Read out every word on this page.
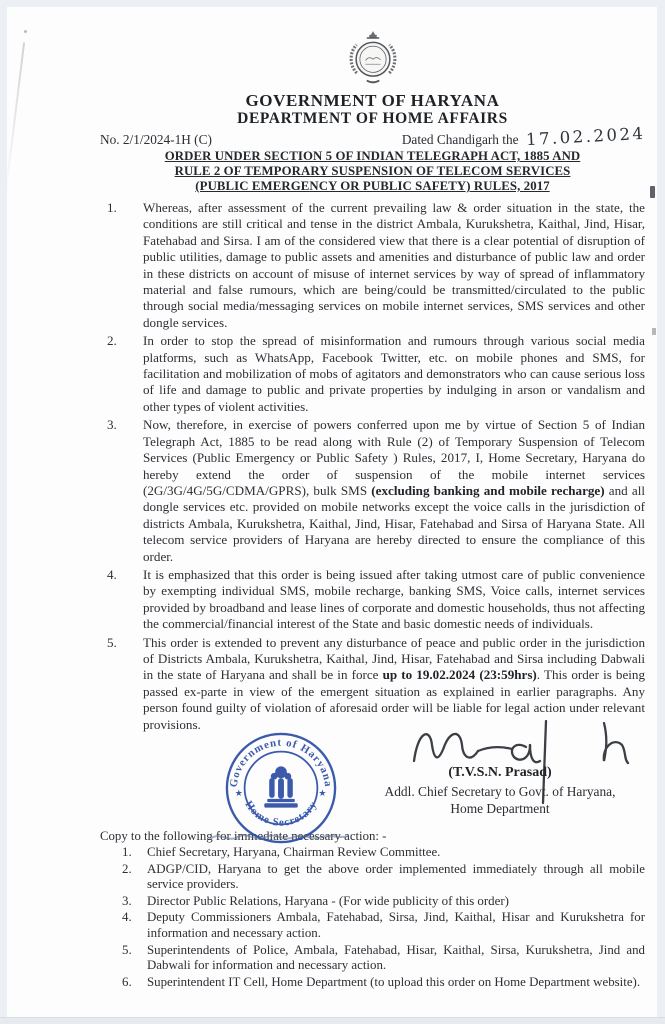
GOVERNMENT OF HARYANA
DEPARTMENT OF HOME AFFAIRS
No. 2/1/2024-1H (C)	Dated Chandigarh the 17.02.2024
ORDER UNDER SECTION 5 OF INDIAN TELEGRAPH ACT, 1885 AND
RULE 2 OF TEMPORARY SUSPENSION OF TELECOM SERVICES
(PUBLIC EMERGENCY OR PUBLIC SAFETY) RULES, 2017
1.	Whereas, after assessment of the current prevailing law & order situation in the state, the conditions are still critical and tense in the district Ambala, Kurukshetra, Kaithal, Jind, Hisar, Fatehabad and Sirsa. I am of the considered view that there is a clear potential of disruption of public utilities, damage to public assets and amenities and disturbance of public law and order in these districts on account of misuse of internet services by way of spread of inflammatory material and false rumours, which are being/could be transmitted/circulated to the public through social media/messaging services on mobile internet services, SMS services and other dongle services.
2.	In order to stop the spread of misinformation and rumours through various social media platforms, such as WhatsApp, Facebook Twitter, etc. on mobile phones and SMS, for facilitation and mobilization of mobs of agitators and demonstrators who can cause serious loss of life and damage to public and private properties by indulging in arson or vandalism and other types of violent activities.
3.	Now, therefore, in exercise of powers conferred upon me by virtue of Section 5 of Indian Telegraph Act, 1885 to be read along with Rule (2) of Temporary Suspension of Telecom Services (Public Emergency or Public Safety ) Rules, 2017, I, Home Secretary, Haryana do hereby extend the order of suspension of the mobile internet services (2G/3G/4G/5G/CDMA/GPRS), bulk SMS (excluding banking and mobile recharge) and all dongle services etc. provided on mobile networks except the voice calls in the jurisdiction of districts Ambala, Kurukshetra, Kaithal, Jind, Hisar, Fatehabad and Sirsa of Haryana State. All telecom service providers of Haryana are hereby directed to ensure the compliance of this order.
4.	It is emphasized that this order is being issued after taking utmost care of public convenience by exempting individual SMS, mobile recharge, banking SMS, Voice calls, internet services provided by broadband and lease lines of corporate and domestic households, thus not affecting the commercial/financial interest of the State and basic domestic needs of individuals.
5.	This order is extended to prevent any disturbance of peace and public order in the jurisdiction of Districts Ambala, Kurukshetra, Kaithal, Jind, Hisar, Fatehabad and Sirsa including Dabwali in the state of Haryana and shall be in force up to 19.02.2024 (23:59hrs). This order is being passed ex-parte in view of the emergent situation as explained in earlier paragraphs. Any person found guilty of violation of aforesaid order will be liable for legal action under relevant provisions.
Government of Haryana
Home Secretary
★	★
(T.V.S.N. Prasad)
Addl. Chief Secretary to Govt. of Haryana,
Home Department
Copy to the following for immediate necessary action: -
1.	Chief Secretary, Haryana, Chairman Review Committee.
2.	ADGP/CID, Haryana to get the above order implemented immediately through all mobile service providers.
3.	Director Public Relations, Haryana - (For wide publicity of this order)
4.	Deputy Commissioners Ambala, Fatehabad, Sirsa, Jind, Kaithal, Hisar and Kurukshetra for information and necessary action.
5.	Superintendents of Police, Ambala, Fatehabad, Hisar, Kaithal, Sirsa, Kurukshetra, Jind and Dabwali for information and necessary action.
6.	Superintendent IT Cell, Home Department (to upload this order on Home Department website).
